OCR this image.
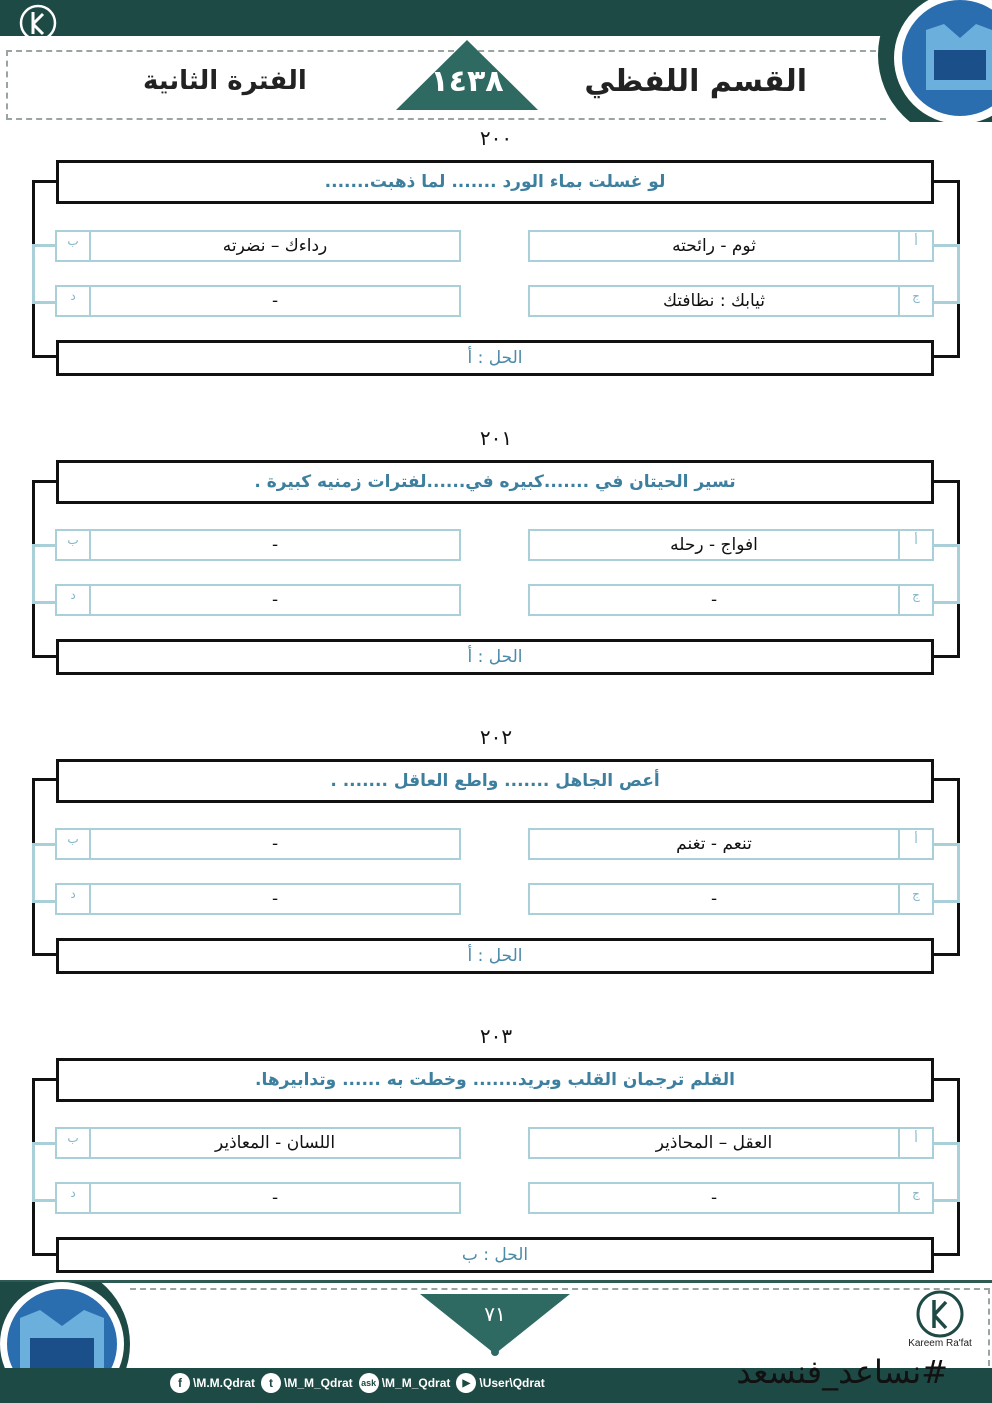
Kareem Ra'fat
القسم اللفظي
الفترة الثانية	١٤٣٨
٢٠٠
لو غسلت بماء الورد ....... لما ذهبت.......
أ
ثوم - رائحته
ب	رداءك – نضرته
ج
ثيابك : نظافتك
د	-
الحل : أ
٢٠١
تسير الحيتان في .......كبيره في......لفترات زمنيه كبيرة .
أ
افواج - رحله
ب	-
ج
-
د	-
الحل : أ
٢٠٢
أعص الجاهل ....... واطع العاقل ....... .
أ
تنعم - تغنم
ب	-
ج
-
د	-
الحل : أ
٢٠٣
القلم ترجمان القلب وبريد....... وخطت به ...... وتدابيرها.
أ
العقل – المحاذير
ب	اللسان - المعاذير
ج
-
د	-
الحل : ب
٧١
Kareem Ra'fat
#نساعد_فنسعد
f \M.M.Qdrat	t \M_M_Qdrat ask \M_M_Qdrat	▶ \User\Qdrat
